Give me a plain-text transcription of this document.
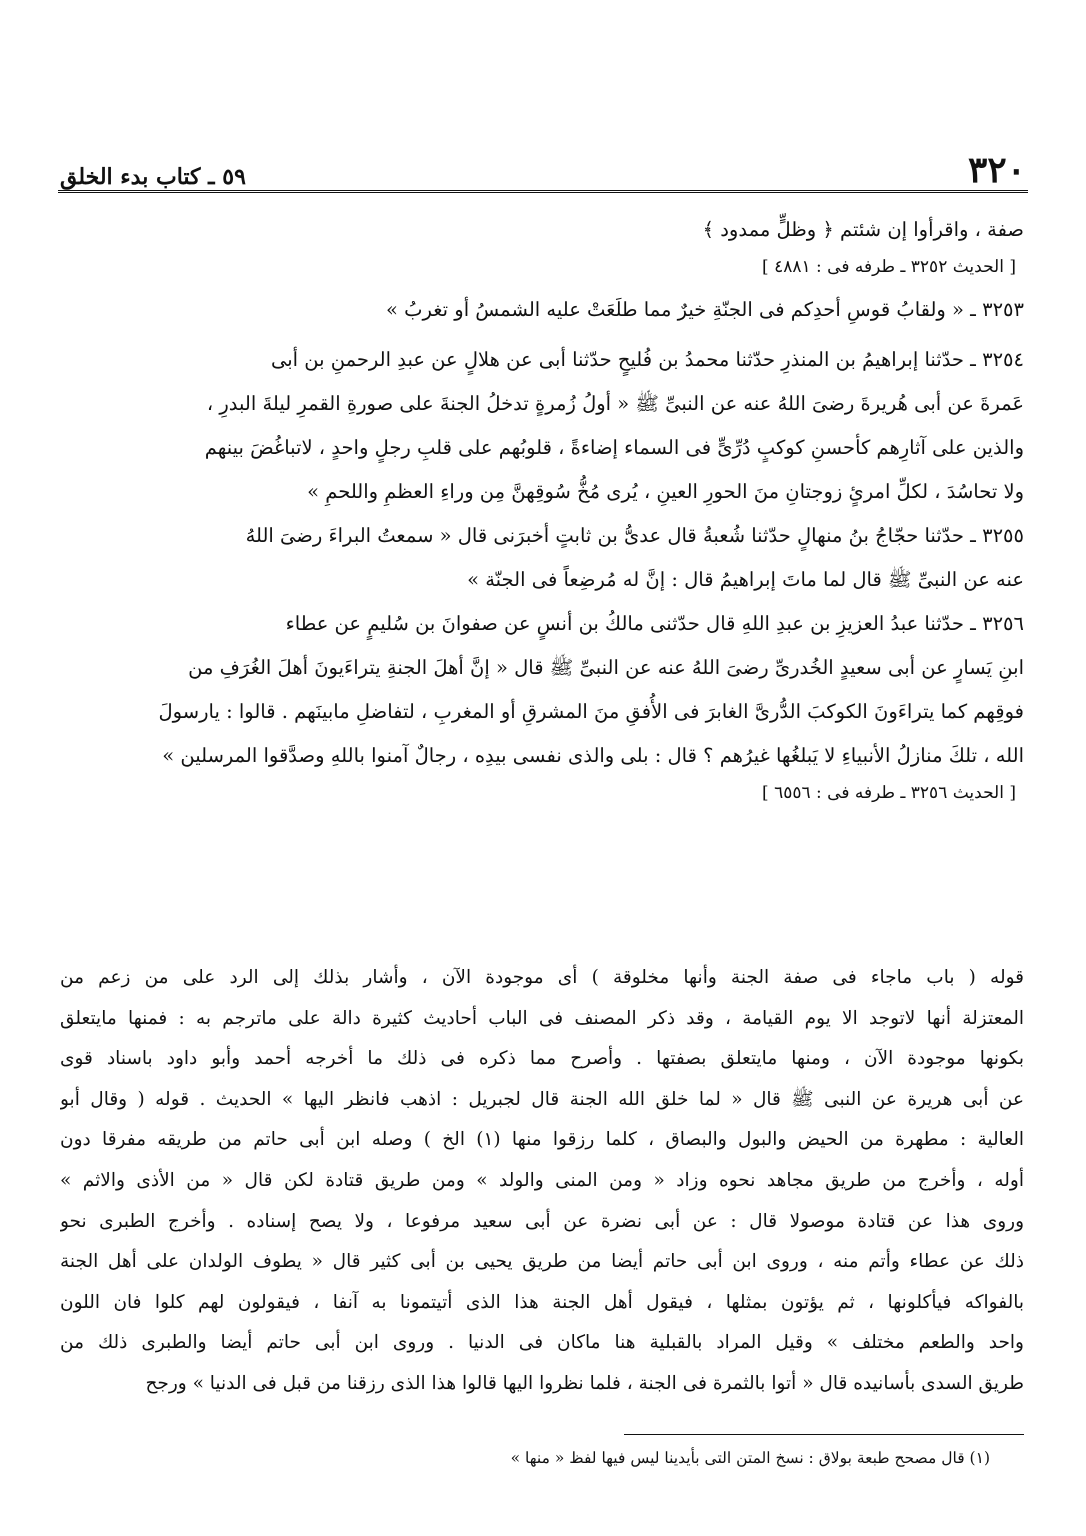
٣٢٠
٥٩ ـ كتاب بدء الخلق
صفة ، واقرأوا إن شئتم ﴿ وظلٍّ ممدود ﴾
[ الحديث ٣٢٥٢ ـ طرفه فى : ٤٨٨١ ]
٣٢٥٣ ـ « ولقابُ قوسِ أحدِكم فى الجنّةِ خيرٌ مما طلَعَتْ عليه الشمسُ أو تغربُ »
٣٢٥٤ ـ حدّثنا إبراهيمُ بن المنذرِ حدّثنا محمدُ بن فُليحٍ حدّثنا أبى عن هلالٍ عن عبدِ الرحمنِ بن أبى
عَمرةَ عن أبى هُريرةَ رضىَ اللهُ عنه عن النبىِّ ﷺ « أولُ زُمرةٍ تدخلُ الجنةَ على صورةِ القمرِ ليلةَ البدرِ ،
والذين على آثارِهم كأحسنِ كوكبٍ دُرِّىٍّ فى السماء إضاءةً ، قلوبُهم على قلبِ رجلٍ واحدٍ ، لاتباغُضَ بينهم
ولا تحاسُدَ ، لكلِّ امرئٍ زوجتانِ منَ الحورِ العينِ ، يُرى مُخُّ سُوقِهنَّ مِن وراءِ العظمِ واللحمِ »
٣٢٥٥ ـ حدّثنا حجّاجُ بنُ منهالٍ حدّثنا شُعبةُ قال عدىُّ بن ثابتٍ أخبرَنى قال « سمعتُ البراءَ رضىَ اللهُ
عنه عن النبىِّ ﷺ قال لما ماتَ إبراهيمُ قال : إنَّ له مُرضِعاً فى الجنّة »
٣٢٥٦ ـ حدّثنا عبدُ العزيزِ بن عبدِ اللهِ قال حدّثنى مالكُ بن أنسٍ عن صفوانَ بن سُليمٍ عن عطاء
ابنِ يَسارٍ عن أبى سعيدٍ الخُدرىِّ رضىَ اللهُ عنه عن النبىِّ ﷺ قال « إنَّ أهلَ الجنةِ يتراءَيونَ أهلَ الغُرَفِ من
فوقِهم كما يتراءَونَ الكوكبَ الدُّرىَّ الغابرَ فى الأُفقِ منَ المشرقِ أو المغربِ ، لتفاضلِ مابينَهم . قالوا : يارسولَ
الله ، تلكَ منازلُ الأنبياءِ لا يَبلغُها غيرُهم ؟ قال : بلى والذى نفسى بيدِه ، رجالٌ آمنوا باللهِ وصدَّقوا المرسلين »
[ الحديث ٣٢٥٦ ـ طرفه فى : ٦٥٥٦ ]
قوله ( باب ماجاء فى صفة الجنة وأنها مخلوقة ) أى موجودة الآن ، وأشار بذلك إلى الرد على من زعم من
المعتزلة أنها لاتوجد الا يوم القيامة ، وقد ذكر المصنف فى الباب أحاديث كثيرة دالة على ماترجم به : فمنها مايتعلق
بكونها موجودة الآن ، ومنها مايتعلق بصفتها . وأصرح مما ذكره فى ذلك ما أخرجه أحمد وأبو داود باسناد قوى
عن أبى هريرة عن النبى ﷺ قال « لما خلق الله الجنة قال لجبريل : اذهب فانظر اليها » الحديث . قوله ( وقال أبو
العالية : مطهرة من الحيض والبول والبصاق ، كلما رزقوا منها (١) الخ ) وصله ابن أبى حاتم من طريقه مفرقا دون
أوله ، وأخرج من طريق مجاهد نحوه وزاد « ومن المنى والولد » ومن طريق قتادة لكن قال « من الأذى والاثم »
وروى هذا عن قتادة موصولا قال : عن أبى نضرة عن أبى سعيد مرفوعا ، ولا يصح إسناده . وأخرج الطبرى نحو
ذلك عن عطاء وأتم منه ، وروى ابن أبى حاتم أيضا من طريق يحيى بن أبى كثير قال « يطوف الولدان على أهل الجنة
بالفواكه فيأكلونها ، ثم يؤتون بمثلها ، فيقول أهل الجنة هذا الذى أتيتمونا به آنفا ، فيقولون لهم كلوا فان اللون
واحد والطعم مختلف » وقيل المراد بالقبلية هنا ماكان فى الدنيا . وروى ابن أبى حاتم أيضا والطبرى ذلك من
طريق السدى بأسانيده قال « أتوا بالثمرة فى الجنة ، فلما نظروا اليها قالوا هذا الذى رزقنا من قبل فى الدنيا » ورجح
(١) قال مصحح طبعة بولاق : نسخ المتن التى بأيدينا ليس فيها لفظ « منها »
